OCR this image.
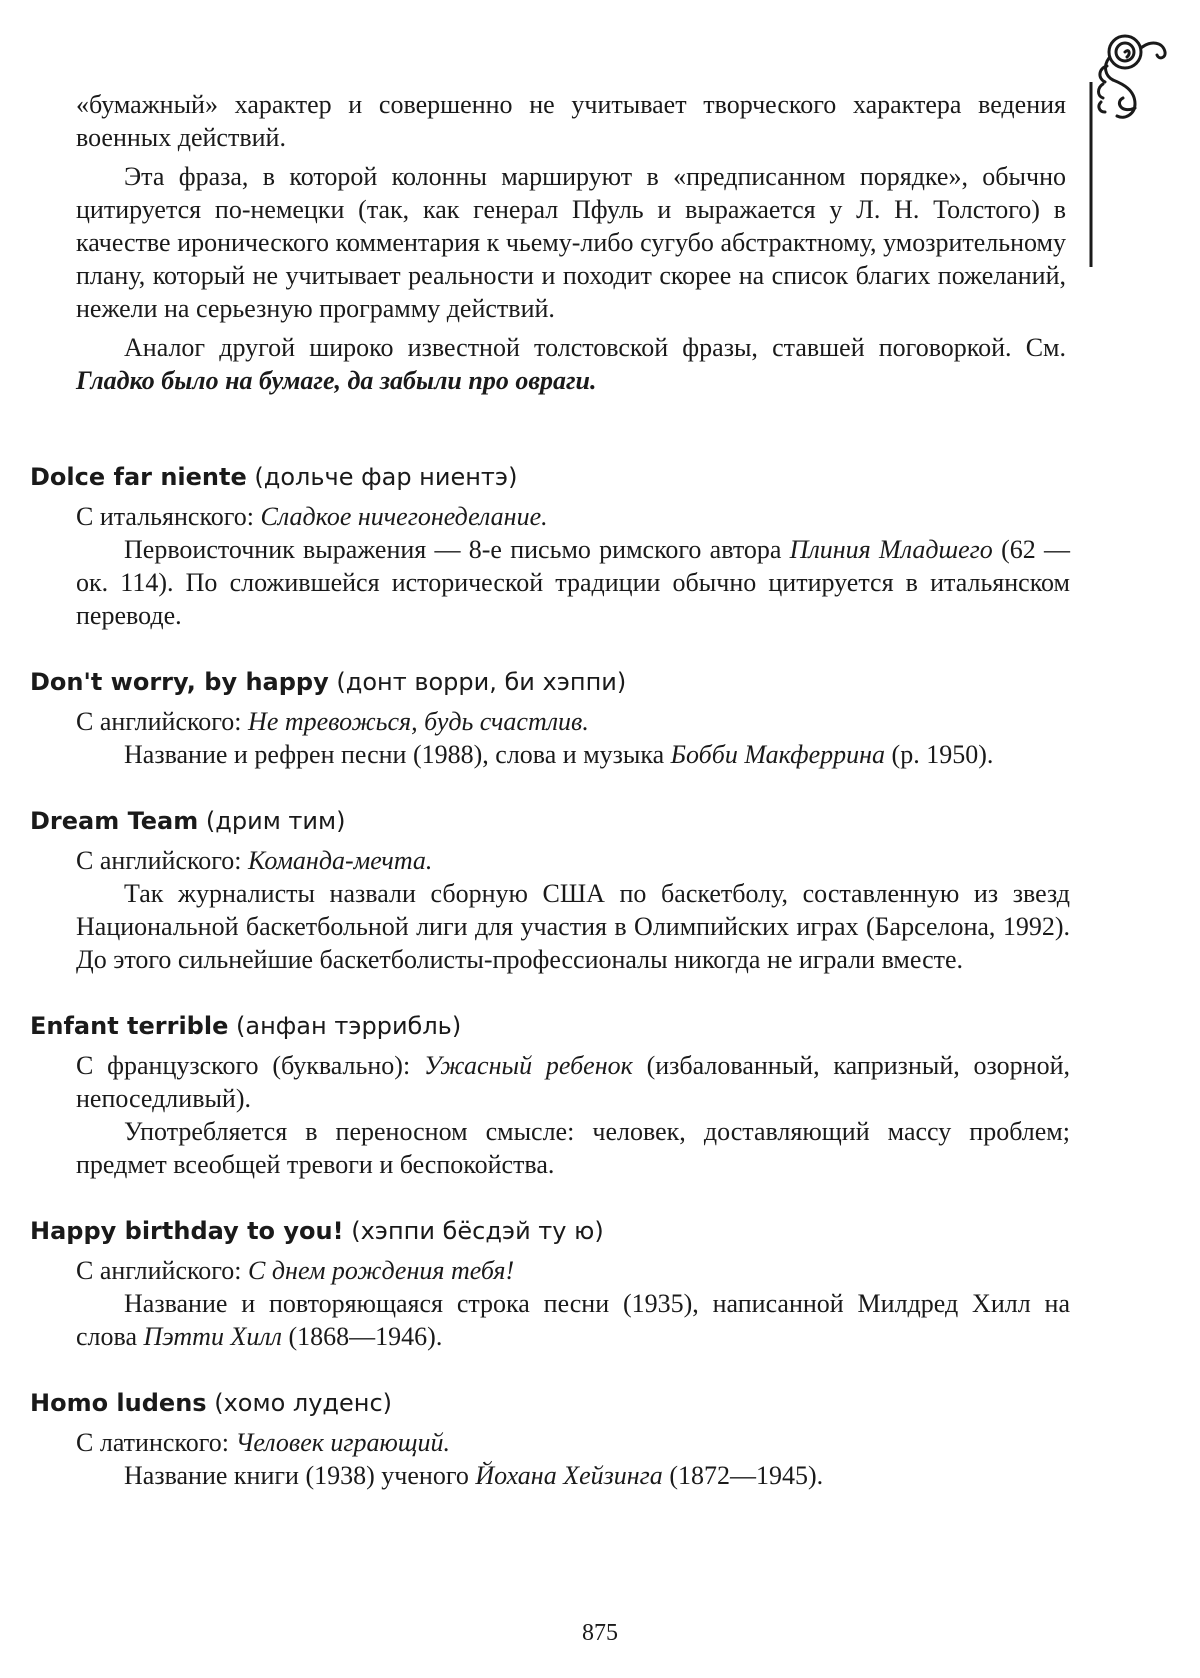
«бумажный» характер и совершенно не учитывает творческого характера ведения военных действий.

Эта фраза, в которой колонны маршируют в «предписанном порядке», обычно цитируется по-немецки (так, как генерал Пфуль и выражается у Л. Н. Толстого) в качестве иронического комментария к чьему-либо сугубо абстрактному, умозрительному плану, который не учитывает реальности и походит скорее на список благих пожеланий, нежели на серьезную программу действий.

Аналог другой широко известной толстовской фразы, ставшей поговоркой. См. Гладко было на бумаге, да забыли про овраги.

Dolce far niente (дольче фар ниентэ)

С итальянского: Сладкое ничегонеделание.

Первоисточник выражения — 8-е письмо римского автора Плиния Младшего (62 — ок. 114). По сложившейся исторической традиции обычно цитируется в итальянском переводе.

Don't worry, by happy (донт ворри, би хэппи)

С английского: Не тревожься, будь счастлив.

Название и рефрен песни (1988), слова и музыка Бобби Макферрина (р. 1950).

Dream Team (дрим тим)

С английского: Команда-мечта.

Так журналисты назвали сборную США по баскетболу, составленную из звезд Национальной баскетбольной лиги для участия в Олимпийских играх (Барселона, 1992). До этого сильнейшие баскетболисты-профессионалы никогда не играли вместе.

Enfant terrible (анфан тэррибль)

С французского (буквально): Ужасный ребенок (избалованный, капризный, озорной, непоседливый).

Употребляется в переносном смысле: человек, доставляющий массу проблем; предмет всеобщей тревоги и беспокойства.

Happy birthday to you! (хэппи бёсдэй ту ю)

С английского: С днем рождения тебя!

Название и повторяющаяся строка песни (1935), написанной Милдред Хилл на слова Пэтти Хилл (1868—1946).

Homo ludens (хомо луденс)

С латинского: Человек играющий.

Название книги (1938) ученого Йохана Хейзинга (1872—1945).

875
